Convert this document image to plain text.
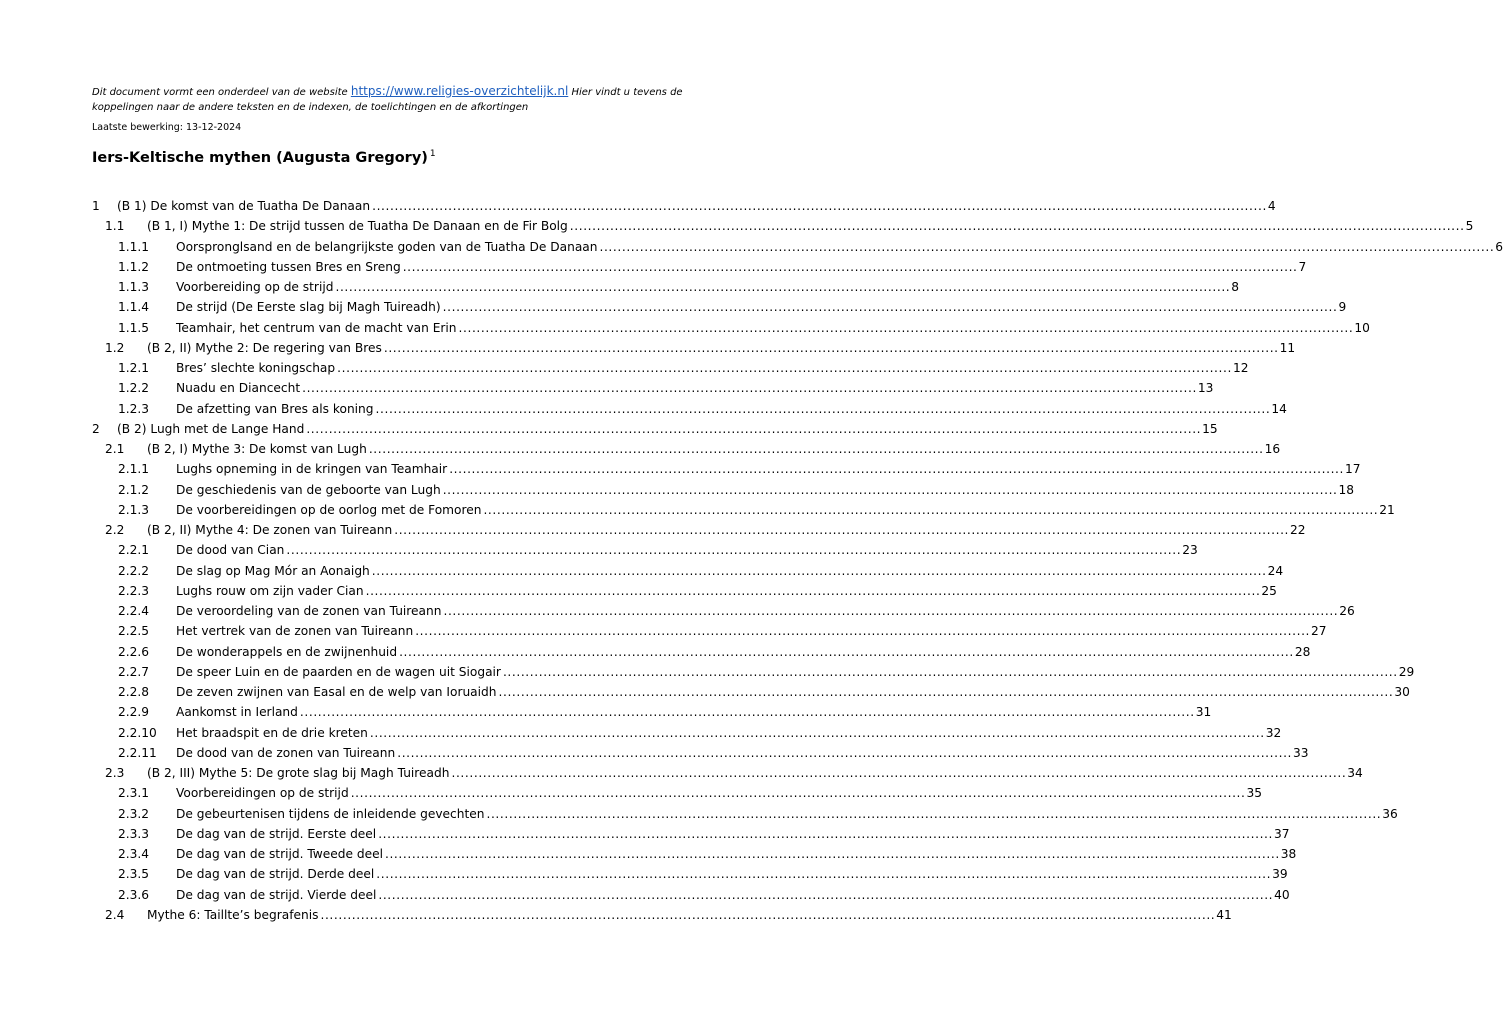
Dit document vormt een onderdeel van de website https://www.religies-overzichtelijk.nl Hier vindt u tevens de koppelingen naar de andere teksten en de indexen, de toelichtingen en de afkortingen
Laatste bewerking: 13-12-2024
Iers-Keltische mythen (Augusta Gregory) $^1$
1 (B 1) De komst van de Tuatha De Danaan ........................................................................................................................................................................................................ 4
1.1 (B 1, I) Mythe 1: De strijd tussen de Tuatha De Danaan en de Fir Bolg ........................................................................................................................................................................................................ 5
1.1.1 Oorspronglsand en de belangrijkste goden van de Tuatha De Danaan ........................................................................................................................................................................................................ 6
1.1.2 De ontmoeting tussen Bres en Sreng ........................................................................................................................................................................................................ 7
1.1.3 Voorbereiding op de strijd ........................................................................................................................................................................................................ 8
1.1.4 De strijd (De Eerste slag bij Magh Tuireadh) ........................................................................................................................................................................................................ 9
1.1.5 Teamhair, het centrum van de macht van Erin ........................................................................................................................................................................................................ 10
1.2 (B 2, II) Mythe 2: De regering van Bres ........................................................................................................................................................................................................ 11
1.2.1 Bres’ slechte koningschap ........................................................................................................................................................................................................ 12
1.2.2 Nuadu en Diancecht ........................................................................................................................................................................................................ 13
1.2.3 De afzetting van Bres als koning ........................................................................................................................................................................................................ 14
2 (B 2) Lugh met de Lange Hand ........................................................................................................................................................................................................ 15
2.1 (B 2, I) Mythe 3: De komst van Lugh ........................................................................................................................................................................................................ 16
2.1.1 Lughs opneming in de kringen van Teamhair ........................................................................................................................................................................................................ 17
2.1.2 De geschiedenis van de geboorte van Lugh ........................................................................................................................................................................................................ 18
2.1.3 De voorbereidingen op de oorlog met de Fomoren ........................................................................................................................................................................................................ 21
2.2 (B 2, II) Mythe 4: De zonen van Tuireann ........................................................................................................................................................................................................ 22
2.2.1 De dood van Cian ........................................................................................................................................................................................................ 23
2.2.2 De slag op Mag Mór an Aonaigh ........................................................................................................................................................................................................ 24
2.2.3 Lughs rouw om zijn vader Cian ........................................................................................................................................................................................................ 25
2.2.4 De veroordeling van de zonen van Tuireann ........................................................................................................................................................................................................ 26
2.2.5 Het vertrek van de zonen van Tuireann ........................................................................................................................................................................................................ 27
2.2.6 De wonderappels en de zwijnenhuid ........................................................................................................................................................................................................ 28
2.2.7 De speer Luin en de paarden en de wagen uit Siogair ........................................................................................................................................................................................................ 29
2.2.8 De zeven zwijnen van Easal en de welp van Ioruaidh ........................................................................................................................................................................................................ 30
2.2.9 Aankomst in Ierland ........................................................................................................................................................................................................ 31
2.2.10 Het braadspit en de drie kreten ........................................................................................................................................................................................................ 32
2.2.11 De dood van de zonen van Tuireann ........................................................................................................................................................................................................ 33
2.3 (B 2, III) Mythe 5: De grote slag bij Magh Tuireadh ........................................................................................................................................................................................................ 34
2.3.1 Voorbereidingen op de strijd ........................................................................................................................................................................................................ 35
2.3.2 De gebeurtenisen tijdens de inleidende gevechten ........................................................................................................................................................................................................ 36
2.3.3 De dag van de strijd. Eerste deel ........................................................................................................................................................................................................ 37
2.3.4 De dag van de strijd. Tweede deel ........................................................................................................................................................................................................ 38
2.3.5 De dag van de strijd. Derde deel ........................................................................................................................................................................................................ 39
2.3.6 De dag van de strijd. Vierde deel ........................................................................................................................................................................................................ 40
2.4 Mythe 6: Taillte’s begrafenis ........................................................................................................................................................................................................ 41
